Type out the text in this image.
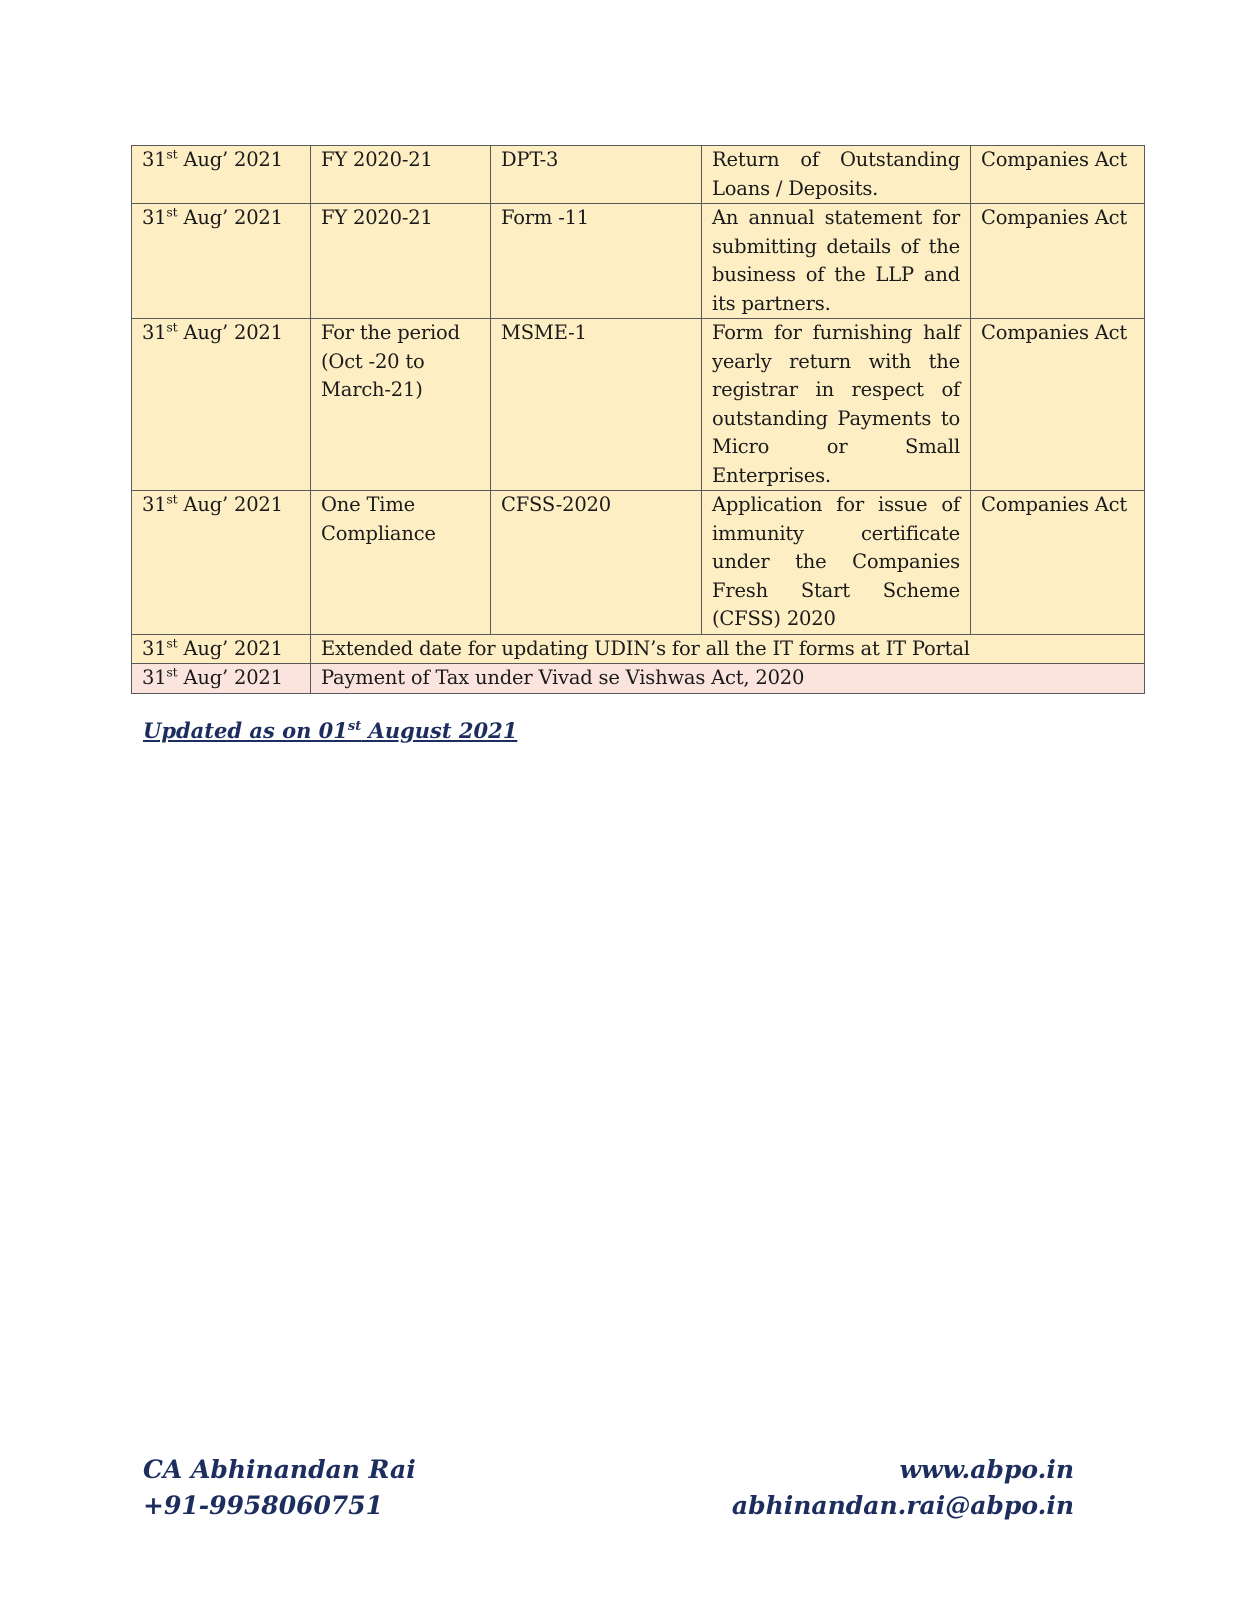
31st Aug’ 2021	FY 2020-21	DPT-3	Return of Outstanding Loans / Deposits.	Companies Act
31st Aug’ 2021	FY 2020-21	Form -11	An annual statement for submitting details of the business of the LLP and its partners.	Companies Act
31st Aug’ 2021	For the period (Oct -20 to March-21)	MSME-1	Form for furnishing half yearly return with the registrar in respect of outstanding Payments to Micro or Small Enterprises.	Companies Act
31st Aug’ 2021	One Time Compliance	CFSS-2020	Application for issue of immunity certificate under the Companies Fresh Start Scheme (CFSS) 2020	Companies Act
31st Aug’ 2021	Extended date for updating UDIN’s for all the IT forms at IT Portal			
31st Aug’ 2021	Payment of Tax under Vivad se Vishwas Act, 2020			
Updated as on 01st August 2021
CA Abhinandan Rai
+91-9958060751
www.abpo.in
abhinandan.rai@abpo.in
